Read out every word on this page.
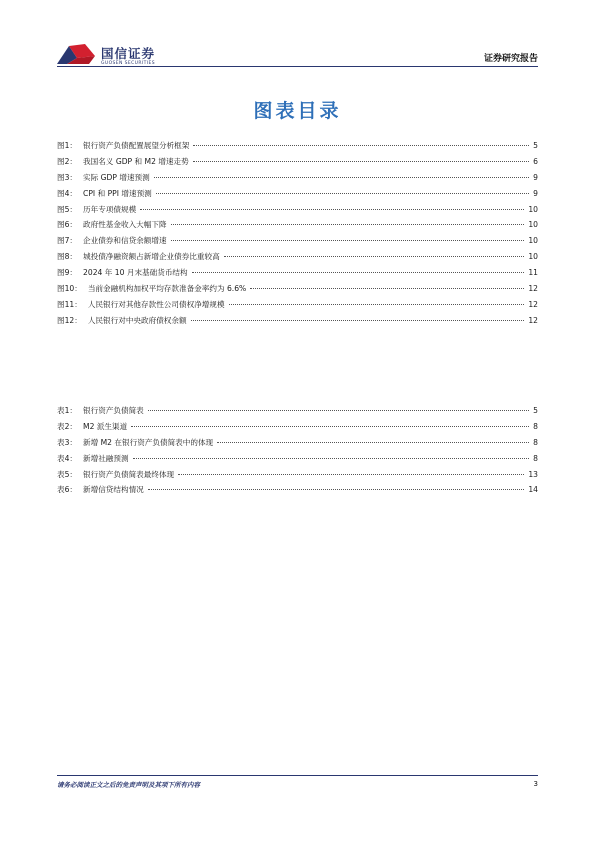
国信证券
GUOSEN SECURITIES	证券研究报告
图表目录
图1： 银行资产负债配置展望分析框架	5
图2： 我国名义 GDP 和 M2 增速走势	6
图3： 实际 GDP 增速预测	9
图4： CPI 和 PPI 增速预测	9
图5： 历年专项债规模	10
图6： 政府性基金收入大幅下降	10
图7： 企业债券和信贷余额增速	10
图8： 城投债净融资额占新增企业债券比重较高	10
图9： 2024 年 10 月末基础货币结构	11
图10： 当前金融机构加权平均存款准备金率约为 6.6%	12
图11： 人民银行对其他存款性公司债权净增规模	12
图12： 人民银行对中央政府债权余额	12
表1： 银行资产负债简表	5
表2： M2 派生渠道	8
表3： 新增 M2 在银行资产负债简表中的体现	8
表4： 新增社融预测	8
表5： 银行资产负债简表最终体现	13
表6： 新增信贷结构情况	14
请务必阅读正文之后的免责声明及其项下所有内容	3
